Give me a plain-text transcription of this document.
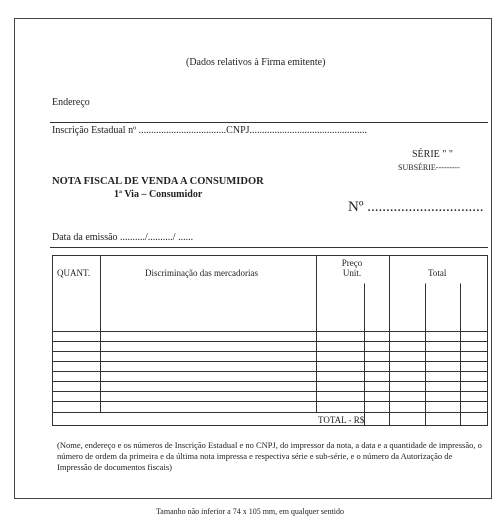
(Dados relativos à Firma emitente)
Endereço
Inscrição Estadual nº ...................................CNPJ...............................................
SÉRIE " "
SUBSÉRIE---------
NOTA FISCAL DE VENDA A CONSUMIDOR
1ª Via – Consumidor
Nº ...............................
Data da emissão ........../........../ ......
QUANT.	Discriminação das mercadorias
Preço
Unit.	Total
TOTAL - R$
(Nome, endereço e os números de Inscrição Estadual e no CNPJ, do impressor da nota, a data e a quantidade de impressão, o número de ordem da primeira e da última nota impressa e respectiva série e sub-série, e o número da Autorização de Impressão de documentos fiscais)
Tamanho não inferior a 74 x 105 mm, em qualquer sentido
